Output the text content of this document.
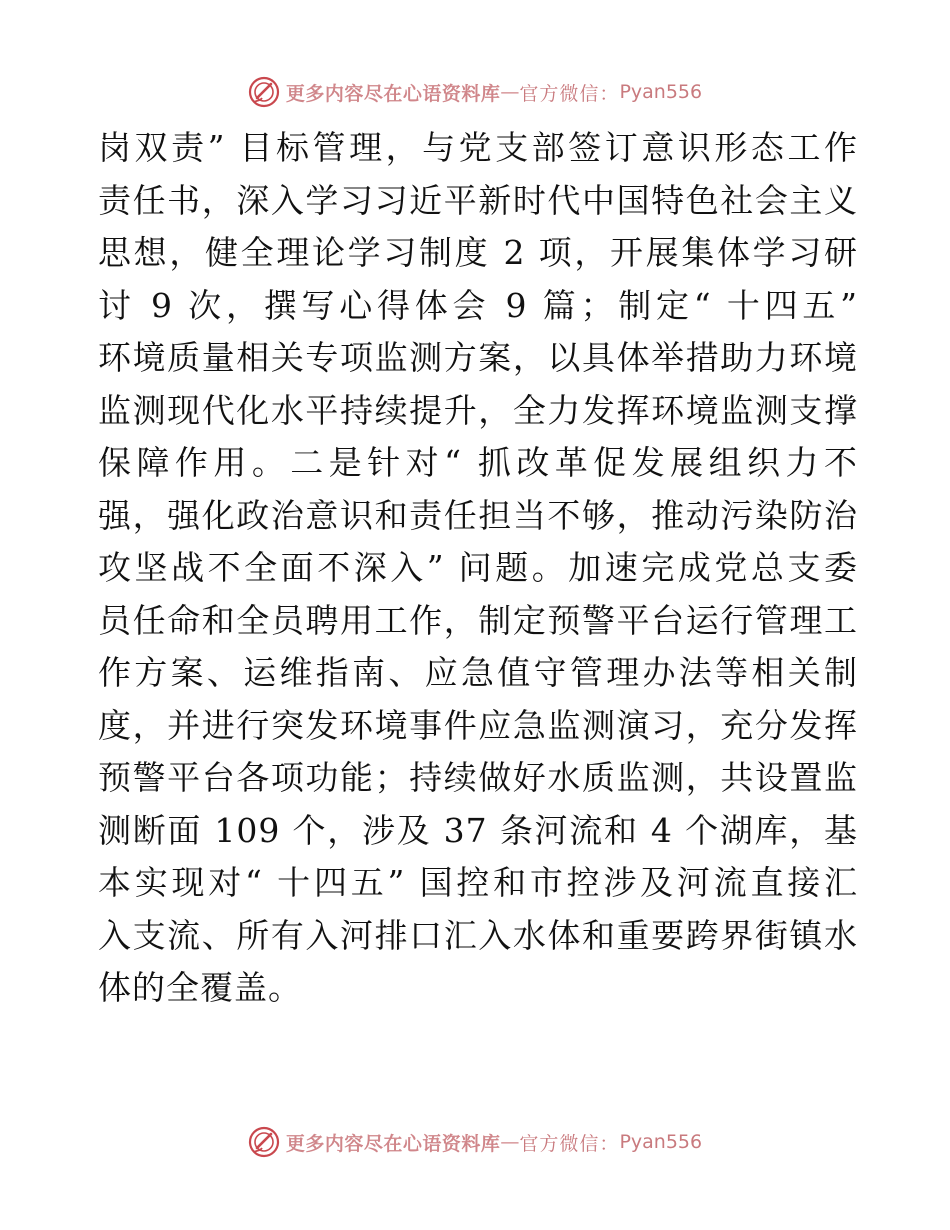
更多内容尽在心语资料库 — 官方微信： Pyan556
岗双责” 目标管理，与党支部签订意识形态工作
责任书，深入学习习近平新时代中国特色社会主义
思想，健全理论学习制度 2 项，开展集体学习研
讨 9 次，撰写心得体会 9 篇；制定“ 十四五”
环境质量相关专项监测方案，以具体举措助力环境
监测现代化水平持续提升，全力发挥环境监测支撑
保障作用。二是针对“ 抓改革促发展组织力不
强，强化政治意识和责任担当不够，推动污染防治
攻坚战不全面不深入” 问题。加速完成党总支委
员任命和全员聘用工作，制定预警平台运行管理工
作方案、运维指南、应急值守管理办法等相关制
度，并进行突发环境事件应急监测演习，充分发挥
预警平台各项功能；持续做好水质监测，共设置监
测断面 109 个，涉及 37 条河流和 4 个湖库，基
本实现对“ 十四五” 国控和市控涉及河流直接汇
入支流、所有入河排口汇入水体和重要跨界街镇水
体的全覆盖。
更多内容尽在心语资料库 — 官方微信： Pyan556
